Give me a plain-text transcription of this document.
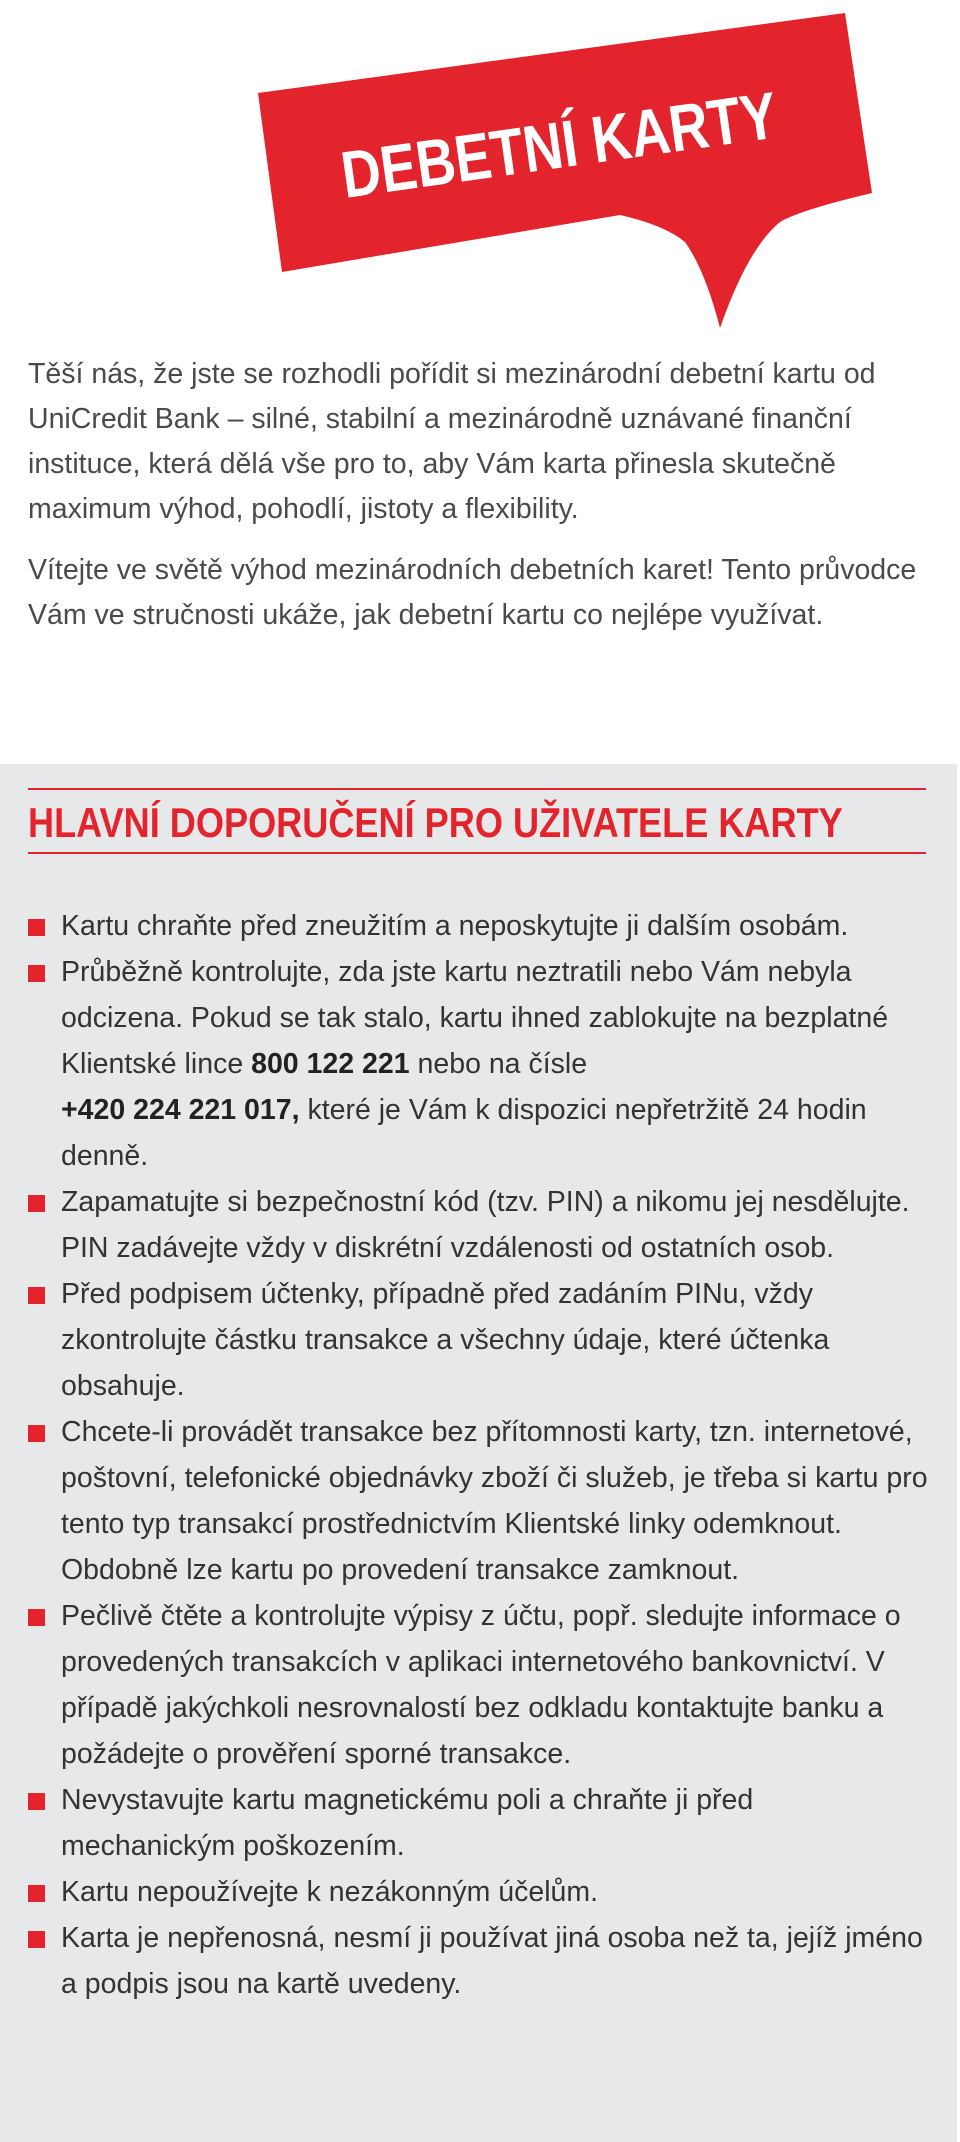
DEBETNÍ KARTY

Těší nás, že jste se rozhodli pořídit si mezinárodní debetní kartu od UniCredit Bank – silné, stabilní a mezinárodně uznávané finanční instituce, která dělá vše pro to, aby Vám karta přinesla skutečně maximum výhod, pohodlí, jistoty a flexibility.

Vítejte ve světě výhod mezinárodních debetních karet! Tento průvodce Vám ve stručnosti ukáže, jak debetní kartu co nejlépe využívat.

HLAVNÍ DOPORUČENÍ PRO UŽIVATELE KARTY
Kartu chraňte před zneužitím a neposkytujte ji dalším osobám.
Průběžně kontrolujte, zda jste kartu neztratili nebo Vám nebyla odcizena. Pokud se tak stalo, kartu ihned zablokujte na bezplatné Klientské lince 800 122 221 nebo na čísle
+420 224 221 017, které je Vám k dispozici nepřetržitě 24 hodin denně.
Zapamatujte si bezpečnostní kód (tzv. PIN) a nikomu jej nesdělujte. PIN zadávejte vždy v diskrétní vzdálenosti od ostatních osob.
Před podpisem účtenky, případně před zadáním PINu, vždy zkontrolujte částku transakce a všechny údaje, které účtenka obsahuje.
Chcete-li provádět transakce bez přítomnosti karty, tzn. internetové, poštovní, telefonické objednávky zboží či služeb, je třeba si kartu pro tento typ transakcí prostřednictvím Klientské linky odemknout. Obdobně lze kartu po provedení transakce zamknout.
Pečlivě čtěte a kontrolujte výpisy z účtu, popř. sledujte informace o provedených transakcích v aplikaci internetového bankovnictví. V případě jakýchkoli nesrovnalostí bez odkladu kontaktujte banku a požádejte o prověření sporné transakce.
Nevystavujte kartu magnetickému poli a chraňte ji před mechanickým poškozením.
Kartu nepoužívejte k nezákonným účelům.
Karta je nepřenosná, nesmí ji používat jiná osoba než ta, jejíž jméno a podpis jsou na kartě uvedeny.
